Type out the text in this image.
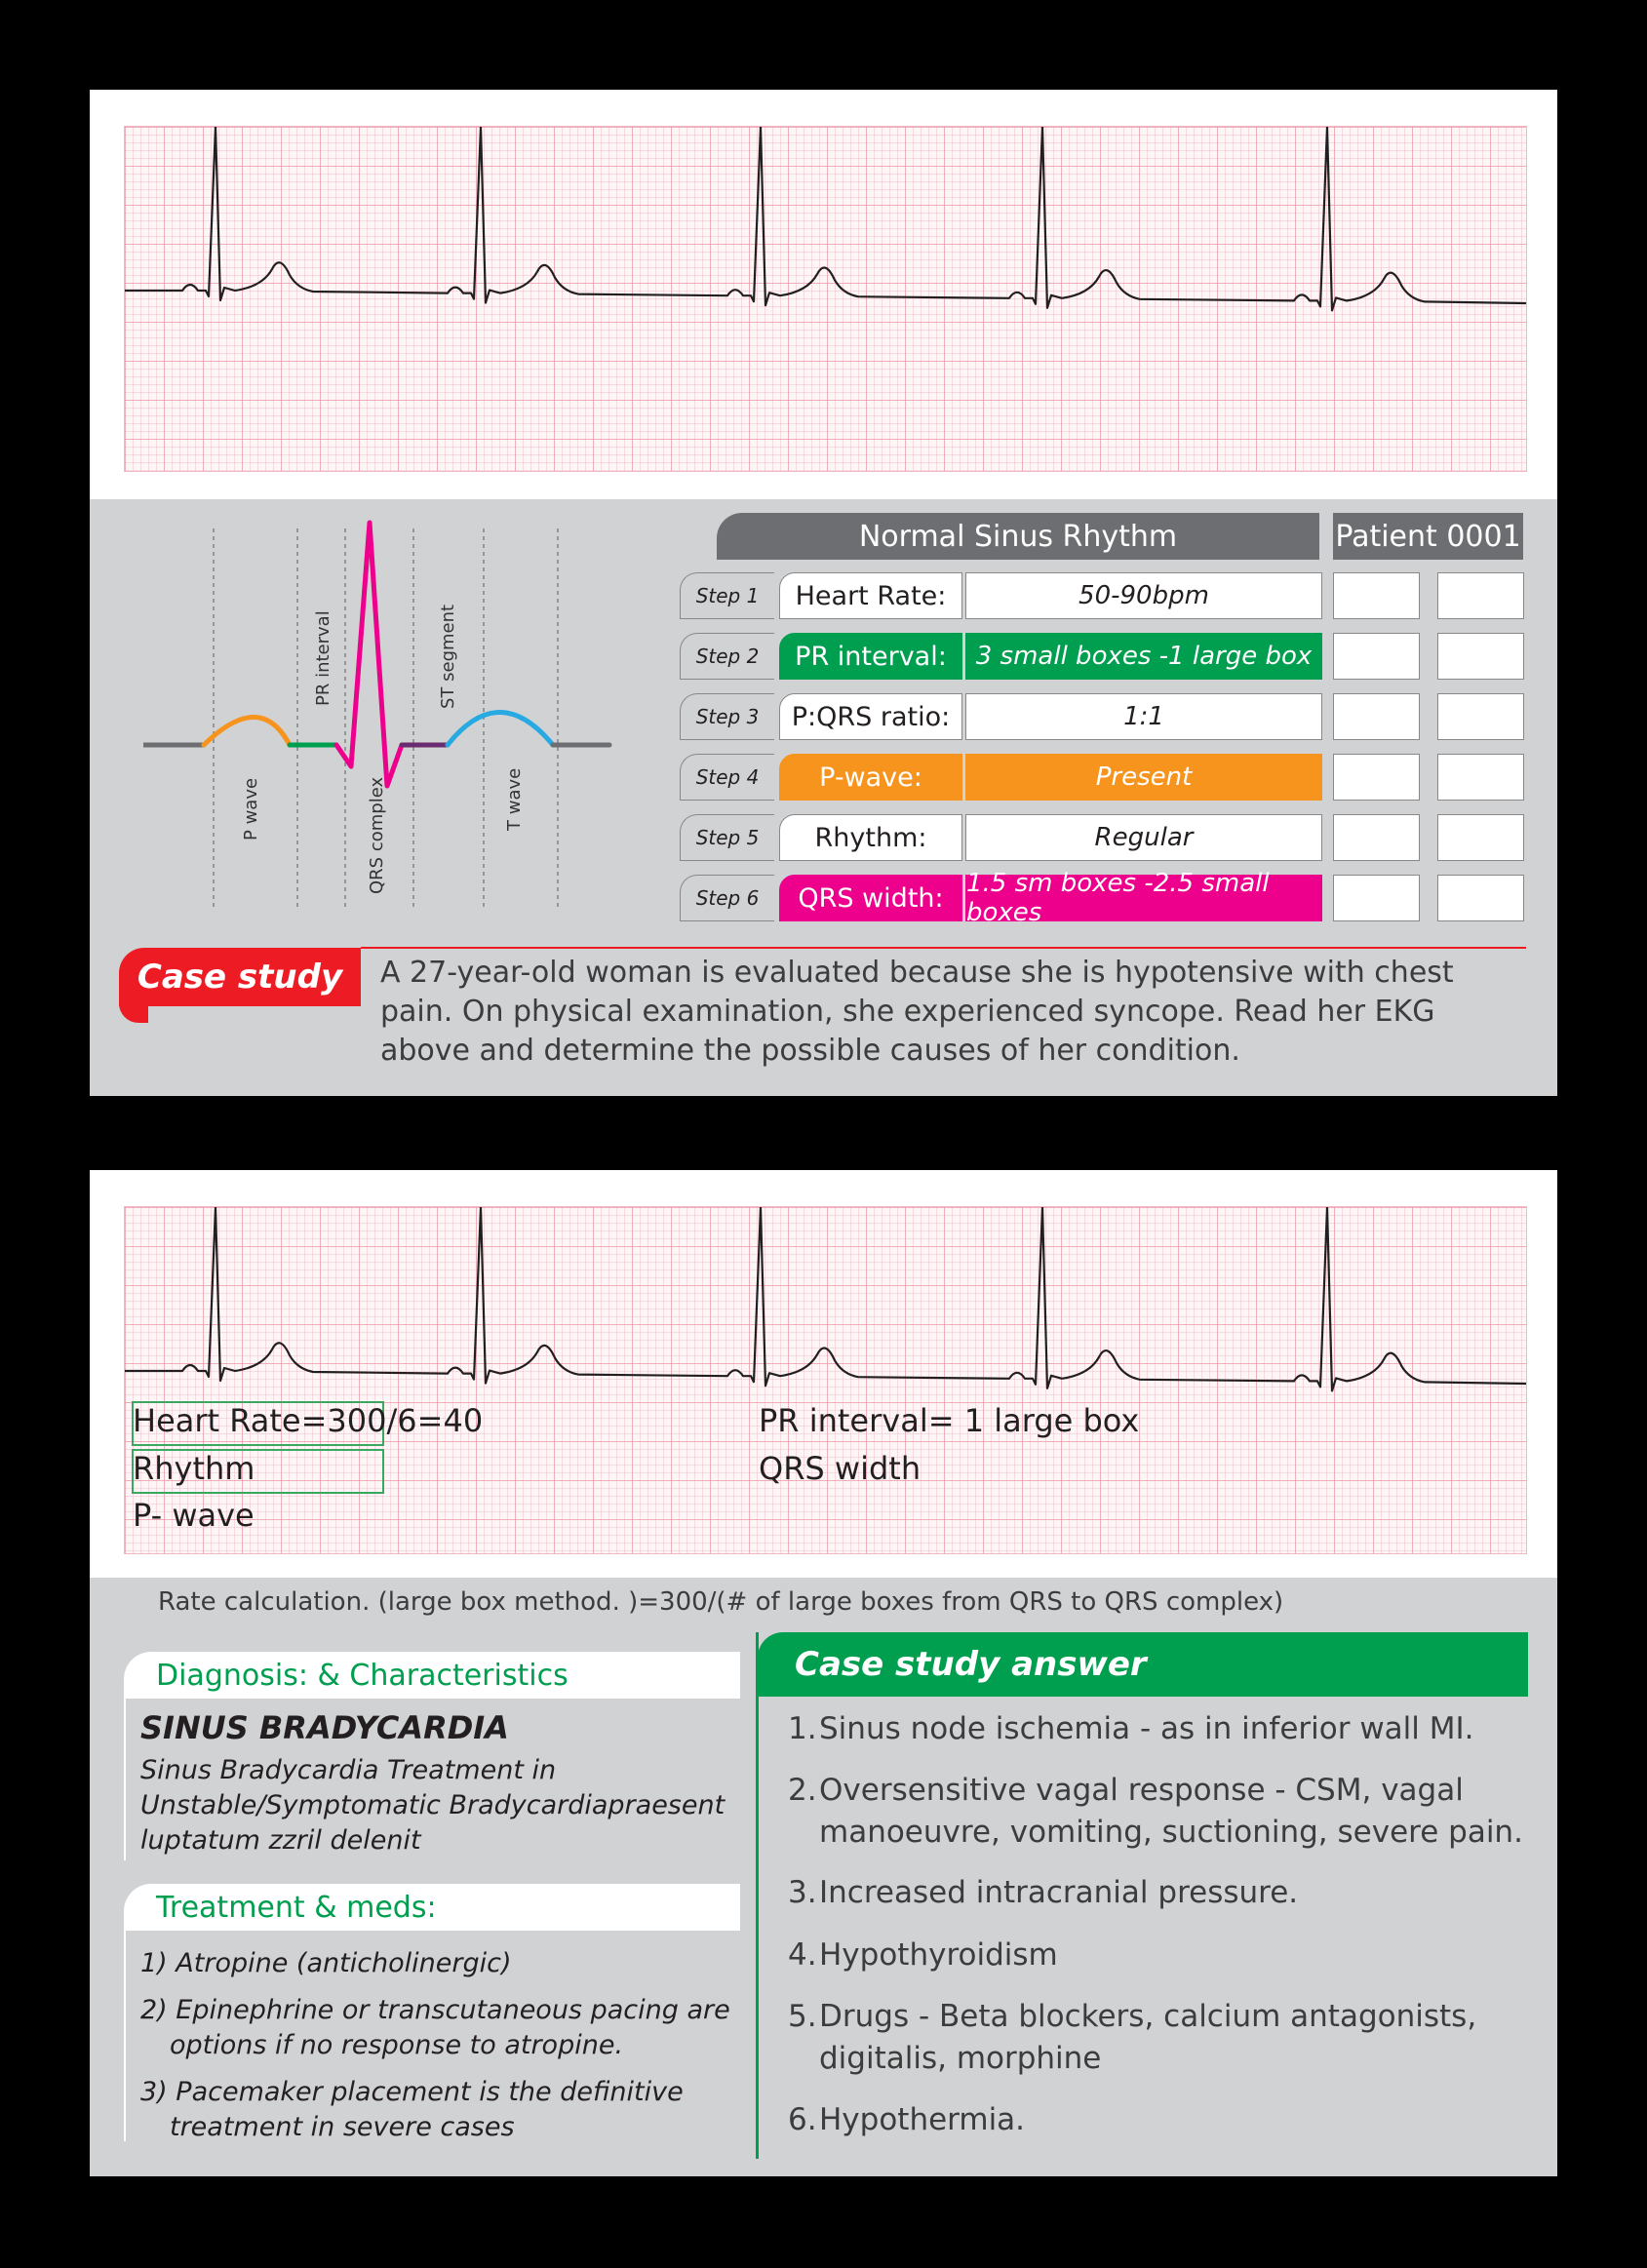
P wave
PR interval
QRS complex
ST segment
T wave
Normal Sinus Rhythm	Patient 0001
Step 1	Heart Rate:	50-90bpm
Step 2	PR interval:	3 small boxes -1 large box
Step 3	P:QRS ratio:	1:1
Step 4	P-wave:	Present
Step 5	Rhythm:	Regular
Step 6	QRS width: 1.5 sm boxes -2.5 small boxes
Case study	A 27-year-old woman is evaluated because she is hypotensive with chest pain. On physical examination, she experienced syncope. Read her EKG above and determine the possible causes of her condition.
Heart Rate=300/6=40
Rhythm
P- wave
PR interval= 1 large box
QRS width
Rate calculation. (large box method. )=300/(# of large boxes from QRS to QRS complex)
Diagnosis: & Characteristics
SINUS BRADYCARDIA
Sinus Bradycardia Treatment in Unstable/Symptomatic Bradycardiapraesent luptatum zzril delenit
Treatment & meds:
1) Atropine (anticholinergic)
2) Epinephrine or transcutaneous pacing are options if no response to atropine.
3) Pacemaker placement is the definitive treatment in severe cases
Case study answer
1. Sinus node ischemia - as in inferior wall MI.
2. Oversensitive vagal response - CSM, vagal manoeuvre, vomiting, suctioning, severe pain.
3. Increased intracranial pressure.
4. Hypothyroidism
5. Drugs - Beta blockers, calcium antagonists, digitalis, morphine
6. Hypothermia.
